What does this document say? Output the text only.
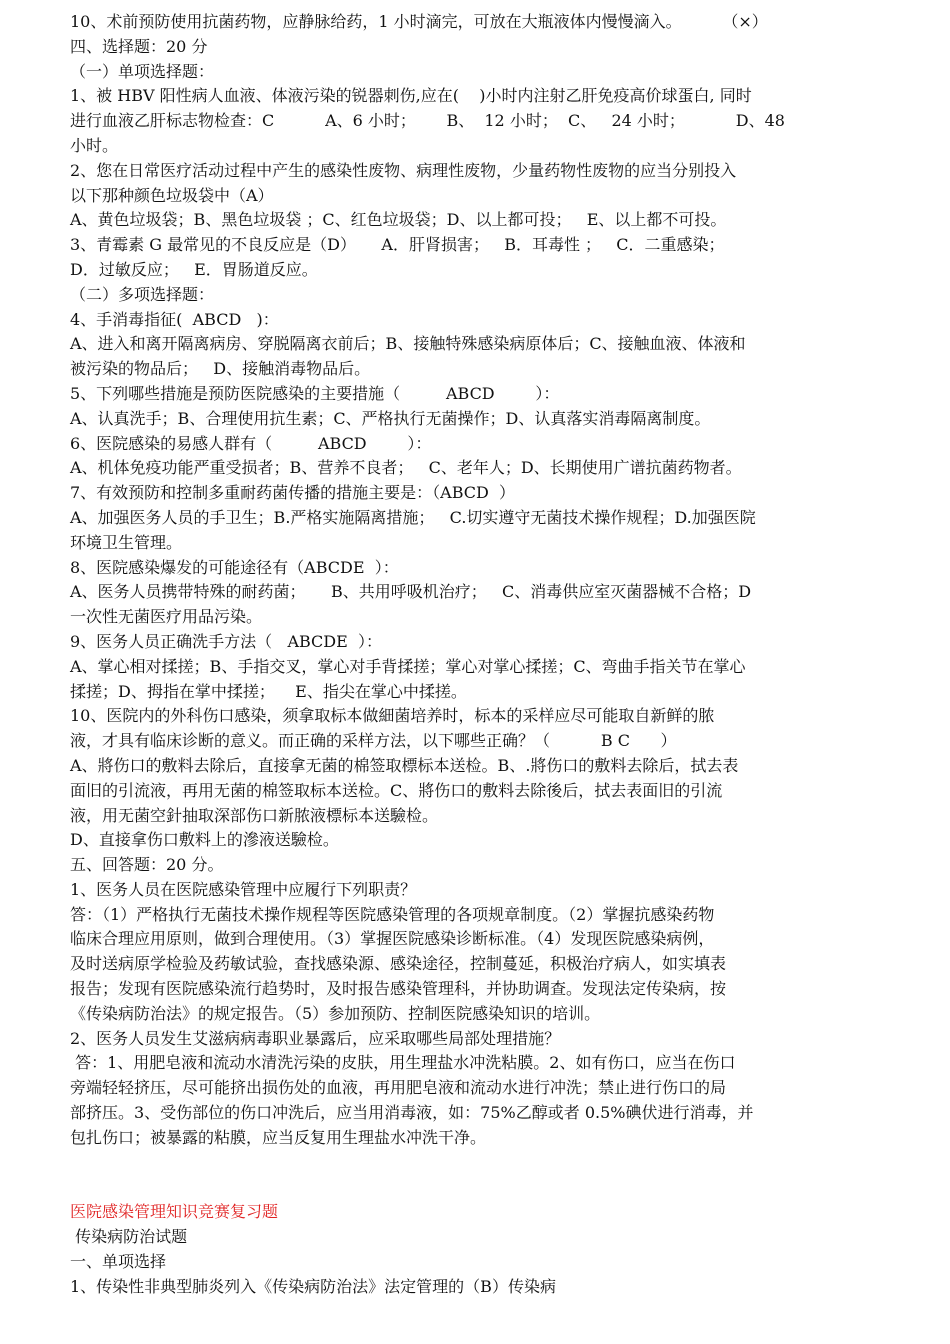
10、术前预防使用抗菌药物，应静脉给药，1 小时滴完，可放在大瓶液体内慢慢滴入。        （×）
四、选择题：20 分
（一）单项选择题：
1、被 HBV 阳性病人血液、体液污染的锐器刺伤,应在(    )小时内注射乙肝免疫高价球蛋白, 同时
进行血液乙肝标志物检查：C          A、6 小时；      B、  12 小时；  C、   24 小时；          D、48
小时。
2、您在日常医疗活动过程中产生的感染性废物、病理性废物，少量药物性废物的应当分别投入
以下那种颜色垃圾袋中（A）
A、黄色垃圾袋；B、黑色垃圾袋 ；C、红色垃圾袋；D、以上都可投；   E、以上都不可投。
3、青霉素 G 最常见的不良反应是（D）     A．肝肾损害；   B．耳毒性 ；   C．二重感染；
D．过敏反应；   E．胃肠道反应。
（二）多项选择题：
4、手消毒指征(  ABCD   )：
A、进入和离开隔离病房、穿脱隔离衣前后；B、接触特殊感染病原体后；C、接触血液、体液和
被污染的物品后；   D、接触消毒物品后。
5、下列哪些措施是预防医院感染的主要措施（         ABCD        ）：
A、认真洗手；B、合理使用抗生素；C、严格执行无菌操作；D、认真落实消毒隔离制度。
6、医院感染的易感人群有（         ABCD        ）：
A、机体免疫功能严重受损者；B、营养不良者；   C、老年人；D、长期使用广谱抗菌药物者。
7、有效预防和控制多重耐药菌传播的措施主要是：（ABCD  ）
A、加强医务人员的手卫生；B.严格实施隔离措施；   C.切实遵守无菌技术操作规程；D.加强医院
环境卫生管理。
8、医院感染爆发的可能途径有（ABCDE  ）：
A、医务人员携带特殊的耐药菌；     B、共用呼吸机治疗；   C、消毒供应室灭菌器械不合格；D
一次性无菌医疗用品污染。
9、医务人员正确洗手方法（   ABCDE  ）：
A、掌心相对揉搓；B、手指交叉，掌心对手背揉搓；掌心对掌心揉搓；C、弯曲手指关节在掌心
揉搓；D、拇指在掌中揉搓；    E、指尖在掌心中揉搓。
10、医院内的外科伤口感染，须拿取标本做細菌培养时，标本的采样应尽可能取自新鲜的脓
液，才具有临床诊断的意义。而正确的采样方法，以下哪些正确？（          B C      ）
A、將伤口的敷料去除后，直接拿无菌的棉签取標标本送检。B、.將伤口的敷料去除后，拭去表
面旧的引流液，再用无菌的棉签取标本送检。C、將伤口的敷料去除後后，拭去表面旧的引流
液，用无菌空針抽取深部伤口新脓液標标本送驗检。
D、直接拿伤口敷料上的滲液送驗检。
五、回答题：20 分。
1、医务人员在医院感染管理中应履行下列职责？
答：（1）严格执行无菌技术操作规程等医院感染管理的各项规章制度。（2）掌握抗感染药物
临床合理应用原则，做到合理使用。（3）掌握医院感染诊断标准。（4）发现医院感染病例，
及时送病原学检验及药敏试验，查找感染源、感染途径，控制蔓延，积极治疗病人，如实填表
报告；发现有医院感染流行趋势时，及时报告感染管理科，并协助调查。发现法定传染病，按
《传染病防治法》的规定报告。（5）参加预防、控制医院感染知识的培训。
2、医务人员发生艾滋病病毒职业暴露后，应采取哪些局部处理措施？
答：1、用肥皂液和流动水清洗污染的皮肤，用生理盐水冲洗粘膜。2、如有伤口，应当在伤口
旁端轻轻挤压，尽可能挤出损伤处的血液，再用肥皂液和流动水进行冲洗；禁止进行伤口的局
部挤压。3、受伤部位的伤口冲洗后，应当用消毒液，如：75%乙醇或者 0.5%碘伏进行消毒，并
包扎伤口；被暴露的粘膜，应当反复用生理盐水冲洗干净。
医院感染管理知识竞赛复习题
传染病防治试题
一、单项选择
1、传染性非典型肺炎列入《传染病防治法》法定管理的（B）传染病
